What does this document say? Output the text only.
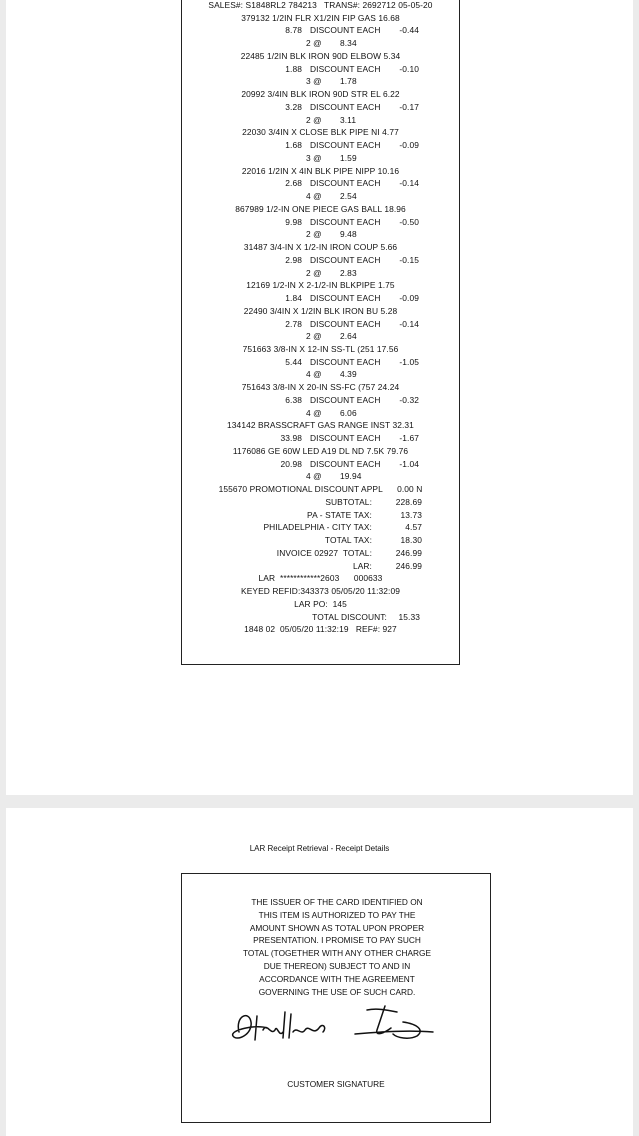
SALES#: S1848RL2 784213   TRANS#: 2692712 05-05-20
379132 1/2IN FLR X1/2IN FIP GAS 16.68
8.78 DISCOUNT EACH	-0.44
2 @ 8.34
22485 1/2IN BLK IRON 90D ELBOW 5.34
1.88 DISCOUNT EACH	-0.10
3 @ 1.78
20992 3/4IN BLK IRON 90D STR EL 6.22
3.28 DISCOUNT EACH	-0.17
2 @ 3.11
22030 3/4IN X CLOSE BLK PIPE NI 4.77
1.68 DISCOUNT EACH	-0.09
3 @ 1.59
22016 1/2IN X 4IN BLK PIPE NIPP 10.16
2.68 DISCOUNT EACH	-0.14
4 @ 2.54
867989 1/2-IN ONE PIECE GAS BALL 18.96
9.98 DISCOUNT EACH	-0.50
2 @ 9.48
31487 3/4-IN X 1/2-IN IRON COUP 5.66
2.98 DISCOUNT EACH	-0.15
2 @ 2.83
12169 1/2-IN X 2-1/2-IN BLKPIPE 1.75
1.84 DISCOUNT EACH	-0.09
22490 3/4IN X 1/2IN BLK IRON BU 5.28
2.78 DISCOUNT EACH	-0.14
2 @ 2.64
751663 3/8-IN X 12-IN SS-TL (251 17.56
5.44 DISCOUNT EACH	-1.05
4 @ 4.39
751643 3/8-IN X 20-IN SS-FC (757 24.24
6.38 DISCOUNT EACH	-0.32
4 @ 6.06
134142 BRASSCRAFT GAS RANGE INST 32.31
33.98 DISCOUNT EACH	-1.67
1176086 GE 60W LED A19 DL ND 7.5K 79.76
20.98 DISCOUNT EACH	-1.04
4 @ 19.94
155670 PROMOTIONAL DISCOUNT APPL      0.00 N
SUBTOTAL:	228.69
PA - STATE TAX:	13.73
PHILADELPHIA - CITY TAX:	4.57
TOTAL TAX:	18.30
INVOICE 02927  TOTAL:	246.99
LAR:	246.99
LAR  ************2603      000633
KEYED REFID:343373 05/05/20 11:32:09
LAR PO:  145
TOTAL DISCOUNT:	15.33
1848 02  05/05/20 11:32:19   REF#: 927
LAR Receipt Retrieval - Receipt Details
THE ISSUER OF THE CARD IDENTIFIED ON
THIS ITEM IS AUTHORIZED TO PAY THE
AMOUNT SHOWN AS TOTAL UPON PROPER
PRESENTATION. I PROMISE TO PAY SUCH
TOTAL (TOGETHER WITH ANY OTHER CHARGE
DUE THEREON) SUBJECT TO AND IN
ACCORDANCE WITH THE AGREEMENT
GOVERNING THE USE OF SUCH CARD.
CUSTOMER SIGNATURE
